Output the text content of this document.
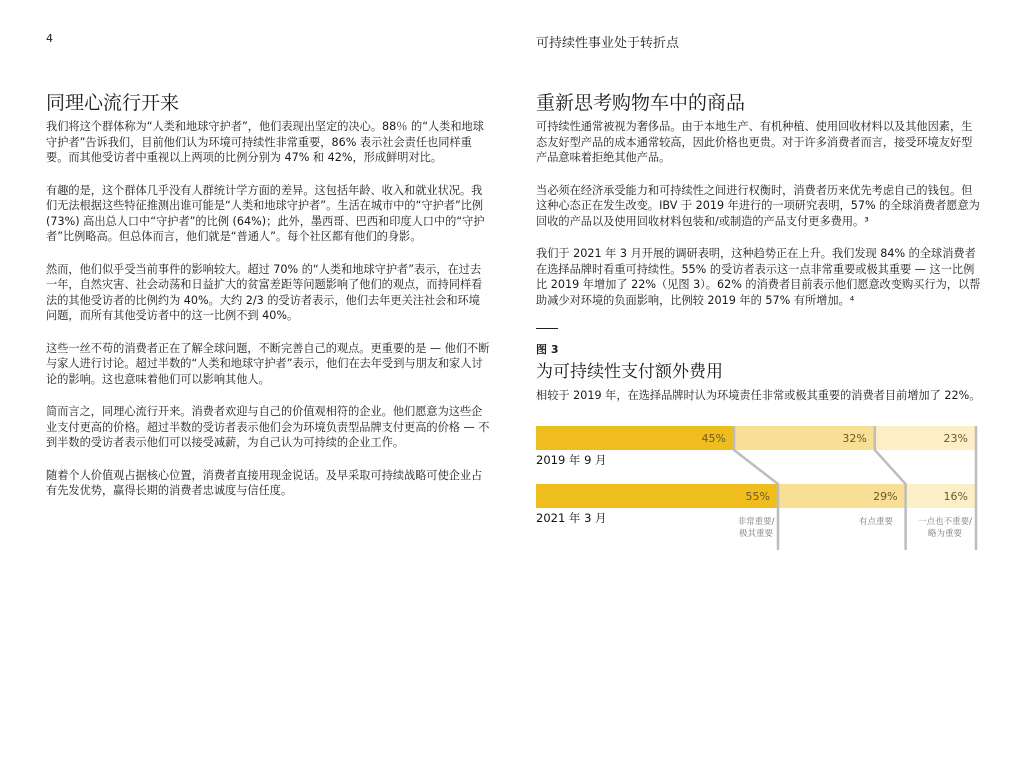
4	可持续性事业处于转折点
同理心流行开来

我们将这个群体称为“人类和地球守护者”，他们表现出坚定的决心。88％ 的“人类和地球守护者”告诉我们，目前他们认为环境可持续性非常重要，86% 表示社会责任也同样重要。而其他受访者中重视以上两项的比例分别为 47% 和 42%，形成鲜明对比。

有趣的是，这个群体几乎没有人群统计学方面的差异。这包括年龄、收入和就业状况。我们无法根据这些特征推测出谁可能是“人类和地球守护者”。生活在城市中的“守护者”比例 (73%) 高出总人口中“守护者”的比例 (64%)；此外，墨西哥、巴西和印度人口中的“守护者”比例略高。但总体而言，他们就是“普通人”。每个社区都有他们的身影。

然而，他们似乎受当前事件的影响较大。超过 70% 的“人类和地球守护者”表示，在过去一年，自然灾害、社会动荡和日益扩大的贫富差距等问题影响了他们的观点，而持同样看法的其他受访者的比例约为 40%。大约 2/3 的受访者表示，他们去年更关注社会和环境问题，而所有其他受访者中的这一比例不到 40%。

这些一丝不苟的消费者正在了解全球问题，不断完善自己的观点。更重要的是 — 他们不断与家人进行讨论。超过半数的“人类和地球守护者”表示，他们在去年受到与朋友和家人讨论的影响。这也意味着他们可以影响其他人。

简而言之，同理心流行开来。消费者欢迎与自己的价值观相符的企业。他们愿意为这些企业支付更高的价格。超过半数的受访者表示他们会为环境负责型品牌支付更高的价格 — 不到半数的受访者表示他们可以接受减薪，为自己认为可持续的企业工作。

随着个人价值观占据核心位置，消费者直接用现金说话。及早采取可持续战略可使企业占有先发优势，赢得长期的消费者忠诚度与信任度。

重新思考购物车中的商品

可持续性通常被视为奢侈品。由于本地生产、有机种植、使用回收材料以及其他因素，生态友好型产品的成本通常较高，因此价格也更贵。对于许多消费者而言，接受环境友好型产品意味着拒绝其他产品。

当必须在经济承受能力和可持续性之间进行权衡时，消费者历来优先考虑自己的钱包。但这种心态正在发生改变。IBV 于 2019 年进行的一项研究表明，57% 的全球消费者愿意为回收的产品以及使用回收材料包装和/或制造的产品支付更多费用。³

我们于 2021 年 3 月开展的调研表明，这种趋势正在上升。我们发现 84% 的全球消费者在选择品牌时看重可持续性。55% 的受访者表示这一点非常重要或极其重要 — 这一比例比 2019 年增加了 22%（见图 3）。62% 的消费者目前表示他们愿意改变购买行为，以帮助减少对环境的负面影响，比例较 2019 年的 57% 有所增加。⁴

图 3
为可持续性支付额外费用
相较于 2019 年，在选择品牌时认为环境责任非常或极其重要的消费者目前增加了 22%。
45%	32%	23%
55%	29%	16%
2019 年 9 月
2021 年 3 月	非常重要/
极其重要
有点重要	一点也不重要/
略为重要
